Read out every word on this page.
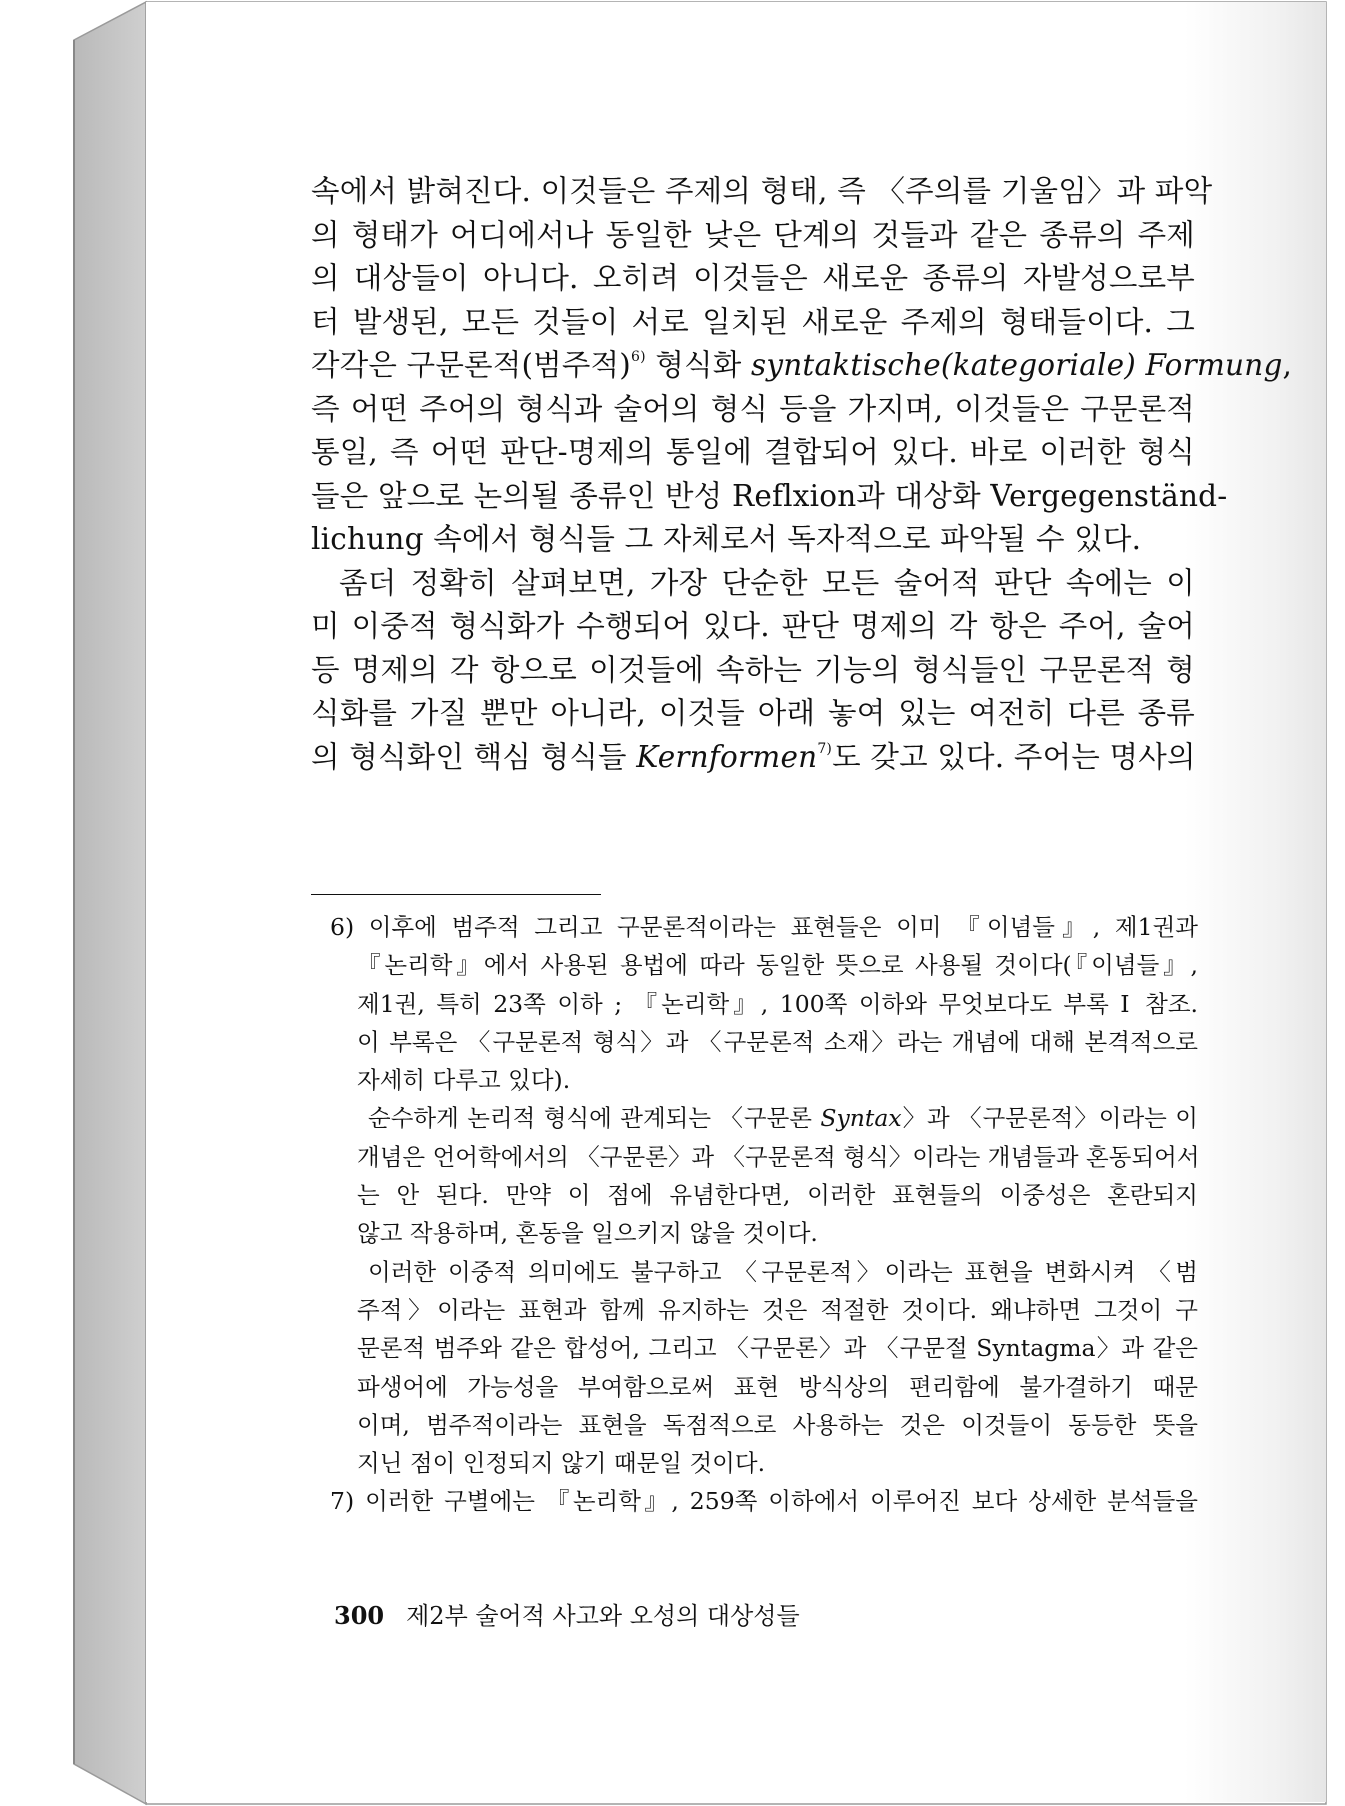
속에서 밝혀진다. 이것들은 주제의 형태, 즉 〈주의를 기울임〉과 파악
의 형태가 어디에서나 동일한 낮은 단계의 것들과 같은 종류의 주제
의 대상들이 아니다. 오히려 이것들은 새로운 종류의 자발성으로부
터 발생된, 모든 것들이 서로 일치된 새로운 주제의 형태들이다. 그
각각은 구문론적(범주적)$^{6)}$ 형식화 syntaktische(kategoriale) Formung,
즉 어떤 주어의 형식과 술어의 형식 등을 가지며, 이것들은 구문론적
통일, 즉 어떤 판단-명제의 통일에 결합되어 있다. 바로 이러한 형식
들은 앞으로 논의될 종류인 반성 Reflxion과 대상화 Vergegenständ-
lichung 속에서 형식들 그 자체로서 독자적으로 파악될 수 있다.
좀더 정확히 살펴보면, 가장 단순한 모든 술어적 판단 속에는 이
미 이중적 형식화가 수행되어 있다. 판단 명제의 각 항은 주어, 술어
등 명제의 각 항으로 이것들에 속하는 기능의 형식들인 구문론적 형
식화를 가질 뿐만 아니라, 이것들 아래 놓여 있는 여전히 다른 종류
의 형식화인 핵심 형식들 Kernformen$^{7)}$도 갖고 있다. 주어는 명사의
6) 이후에 범주적 그리고 구문론적이라는 표현들은 이미 『이념들』, 제1권과
『논리학』에서 사용된 용법에 따라 동일한 뜻으로 사용될 것이다(『이념들』,
제1권, 특히 23쪽 이하 ; 『논리학』, 100쪽 이하와 무엇보다도 부록 Ⅰ 참조.
이 부록은 〈구문론적 형식〉과 〈구문론적 소재〉라는 개념에 대해 본격적으로
자세히 다루고 있다).
순수하게 논리적 형식에 관계되는 〈구문론 Syntax〉과 〈구문론적〉이라는 이
개념은 언어학에서의 〈구문론〉과 〈구문론적 형식〉이라는 개념들과 혼동되어서
는 안 된다. 만약 이 점에 유념한다면, 이러한 표현들의 이중성은 혼란되지
않고 작용하며, 혼동을 일으키지 않을 것이다.
이러한 이중적 의미에도 불구하고 〈구문론적〉이라는 표현을 변화시켜 〈범
주적〉이라는 표현과 함께 유지하는 것은 적절한 것이다. 왜냐하면 그것이 구
문론적 범주와 같은 합성어, 그리고 〈구문론〉과 〈구문절 Syntagma〉과 같은
파생어에 가능성을 부여함으로써 표현 방식상의 편리함에 불가결하기 때문
이며, 범주적이라는 표현을 독점적으로 사용하는 것은 이것들이 동등한 뜻을
지닌 점이 인정되지 않기 때문일 것이다.
7) 이러한 구별에는 『논리학』, 259쪽 이하에서 이루어진 보다 상세한 분석들을
300 제2부 술어적 사고와 오성의 대상성들
